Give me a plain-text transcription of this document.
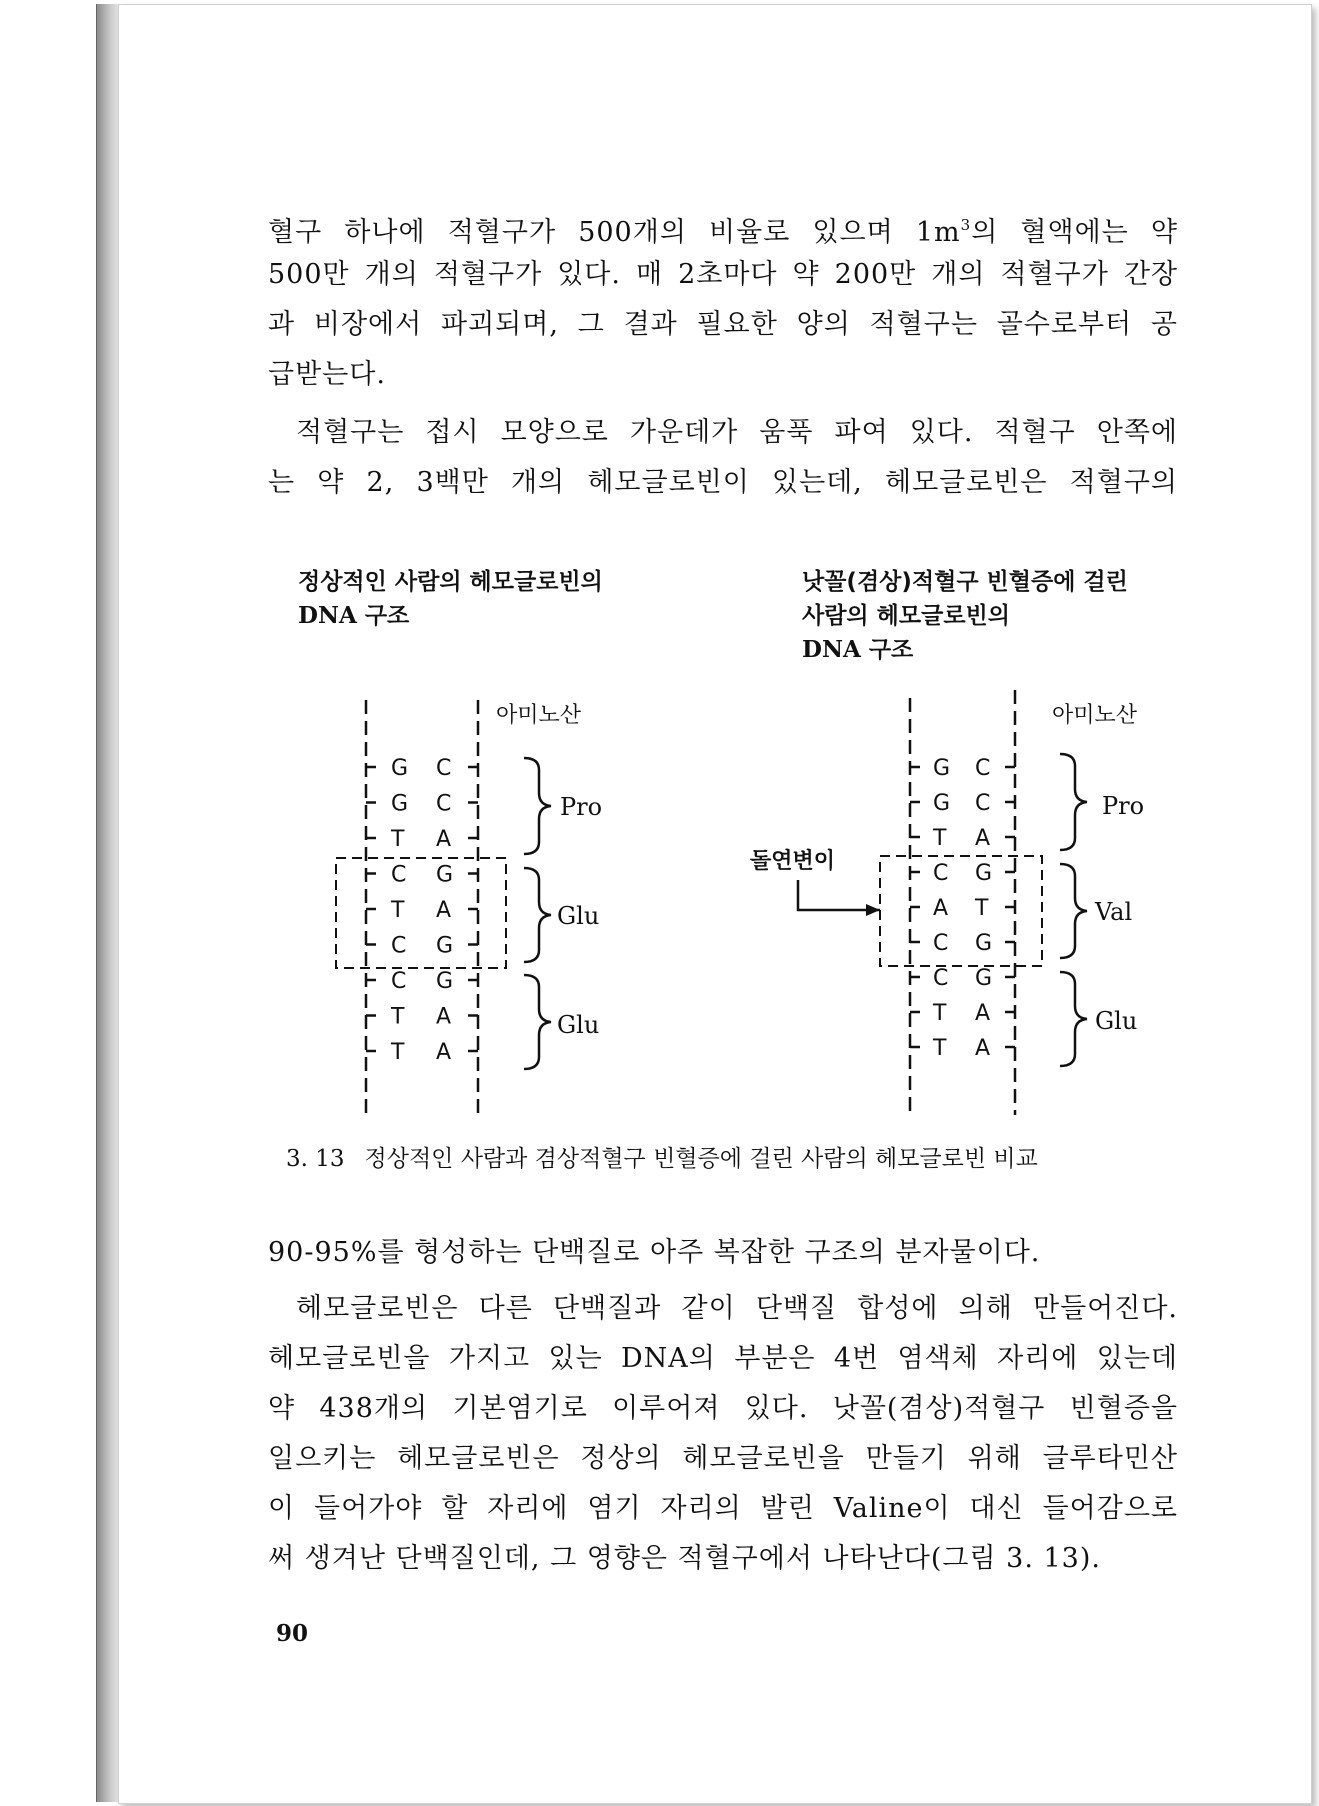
혈구 하나에 적혈구가 500개의 비율로 있으며 $1m^3$의 혈액에는 약
500만 개의 적혈구가 있다. 매 2초마다 약 200만 개의 적혈구가 간장
과 비장에서 파괴되며, 그 결과 필요한 양의 적혈구는 골수로부터 공
급받는다.
적혈구는 접시 모양으로 가운데가 움푹 파여 있다. 적혈구 안쪽에
는 약 2, 3백만 개의 헤모글로빈이 있는데, 헤모글로빈은 적혈구의
정상적인 사람의 헤모글로빈의
DNA 구조
낫꼴(겸상)적혈구 빈혈증에 걸린
사람의 헤모글로빈의
DNA 구조
G C
G C
T A
C G
T A
C G
C G
T A
T A
G C
G C
T A
C G
A T
C G
C G
T A
T A
아미노산	아미노산
Pro
Glu
Glu
Pro
Val
Glu
돌연변이
3. 13 정상적인 사람과 겸상적혈구 빈혈증에 걸린 사람의 헤모글로빈 비교
90-95%를 형성하는 단백질로 아주 복잡한 구조의 분자물이다.
헤모글로빈은 다른 단백질과 같이 단백질 합성에 의해 만들어진다.
헤모글로빈을 가지고 있는 DNA의 부분은 4번 염색체 자리에 있는데
약 438개의 기본염기로 이루어져 있다. 낫꼴(겸상)적혈구 빈혈증을
일으키는 헤모글로빈은 정상의 헤모글로빈을 만들기 위해 글루타민산
이 들어가야 할 자리에 염기 자리의 발린 Valine이 대신 들어감으로
써 생겨난 단백질인데, 그 영향은 적혈구에서 나타난다(그림 3. 13).
90
